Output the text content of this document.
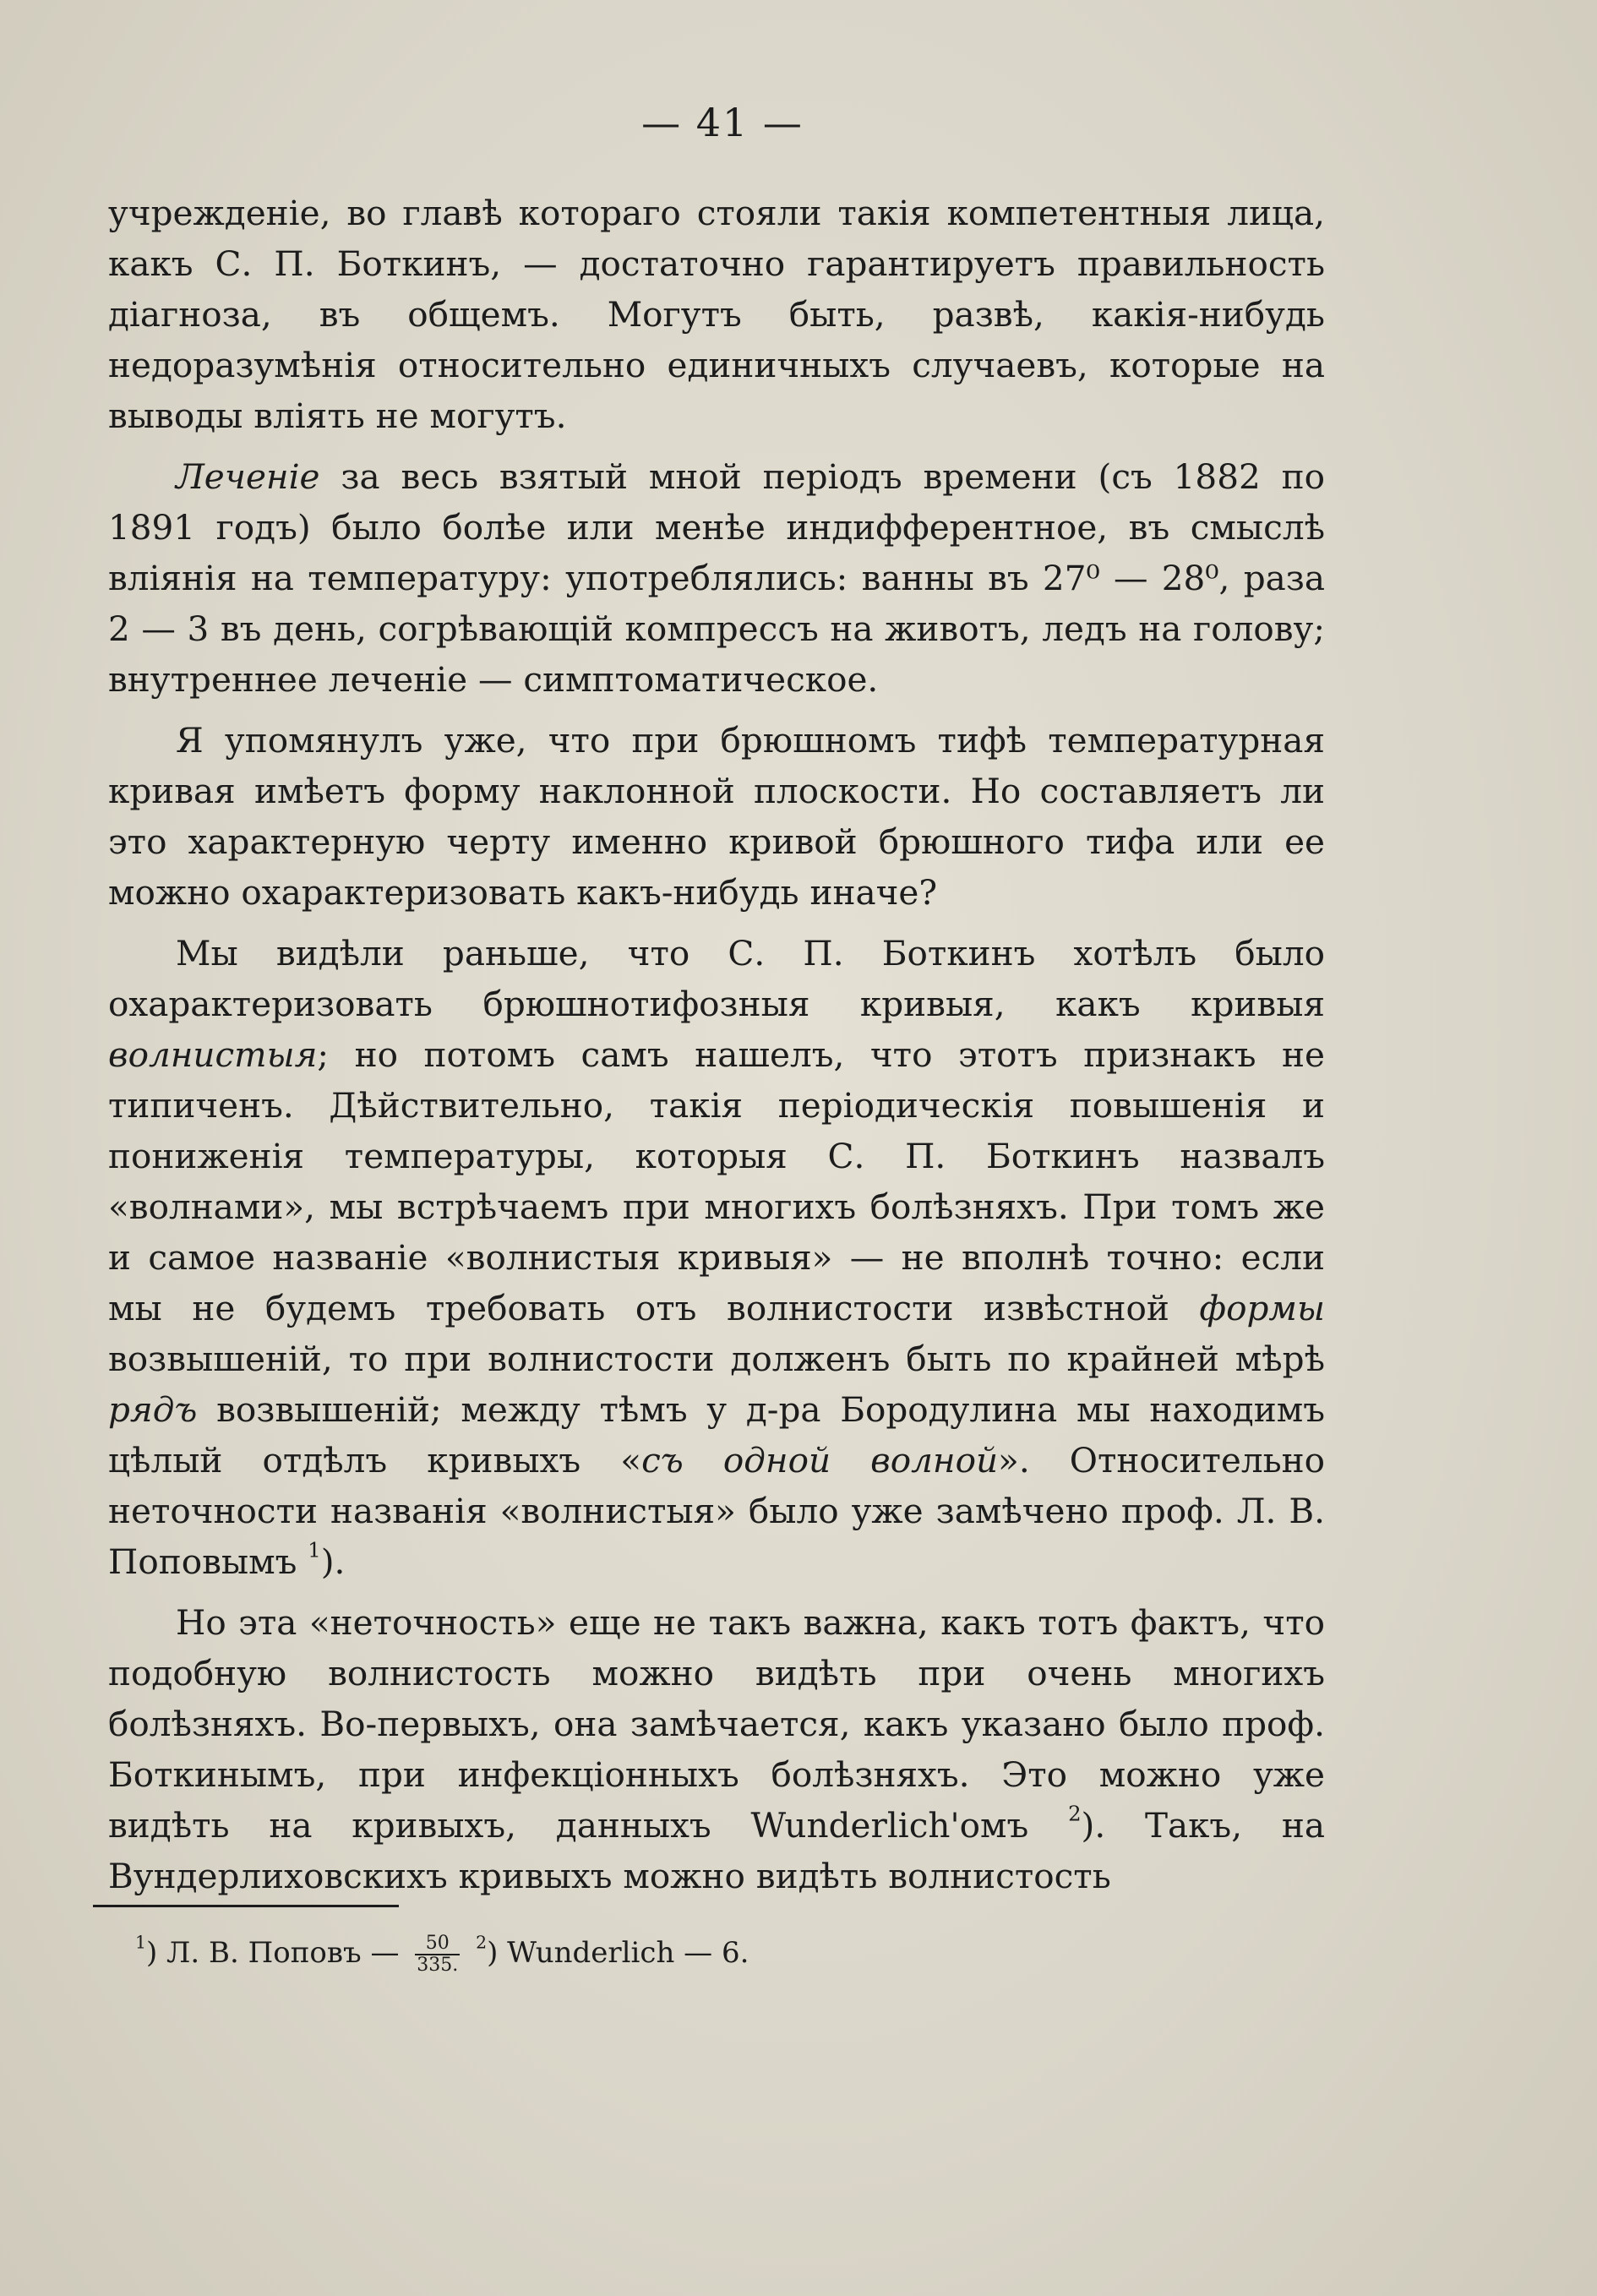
— 41 —

учрежденіе, во главѣ котораго стояли такія компетентныя лица, какъ С. П. Боткинъ, — достаточно гарантируетъ правильность діагноза, въ общемъ. Могутъ быть, развѣ, какія-нибудь недоразумѣнія относительно единичныхъ случаевъ, которые на выводы вліять не могутъ.

Леченіе за весь взятый мной періодъ времени (съ 1882 по 1891 годъ) было болѣе или менѣе индифферентное, въ смыслѣ вліянія на температуру: употреблялись: ванны въ 27⁰ — 28⁰, раза 2 — 3 въ день, согрѣвающій компрессъ на животъ, ледъ на голову; внутреннее леченіе — симптоматическое.

Я упомянулъ уже, что при брюшномъ тифѣ температурная кривая имѣетъ форму наклонной плоскости. Но составляетъ ли это характерную черту именно кривой брюшного тифа или ее можно охарактеризовать какъ-нибудь иначе?

Мы видѣли раньше, что С. П. Боткинъ хотѣлъ было охарактеризовать брюшнотифозныя кривыя, какъ кривыя волнистыя; но потомъ самъ нашелъ, что этотъ признакъ не типиченъ. Дѣйствительно, такія періодическія повышенія и пониженія температуры, которыя С. П. Боткинъ назвалъ «волнами», мы встрѣчаемъ при многихъ болѣзняхъ. При томъ же и самое названіе «волнистыя кривыя» — не вполнѣ точно: если мы не будемъ требовать отъ волнистости извѣстной формы возвышеній, то при волнистости долженъ быть по крайней мѣрѣ рядъ возвышеній; между тѣмъ у д-ра Бородулина мы находимъ цѣлый отдѣлъ кривыхъ «съ одной волной». Относительно неточности названія «волнистыя» было уже замѣчено проф. Л. В. Поповымъ $^1$).

Но эта «неточность» еще не такъ важна, какъ тотъ фактъ, что подобную волнистость можно видѣть при очень многихъ болѣзняхъ. Во-первыхъ, она замѣчается, какъ указано было проф. Боткинымъ, при инфекціонныхъ болѣзняхъ. Это можно уже видѣть на кривыхъ, данныхъ Wunderlich'омъ $^2$). Такъ, на Вундерлиховскихъ кривыхъ можно видѣть волнистость

$^1$) Л. В. Поповъ — $\frac{50}{335.} ^2$) Wunderlich — 6.
